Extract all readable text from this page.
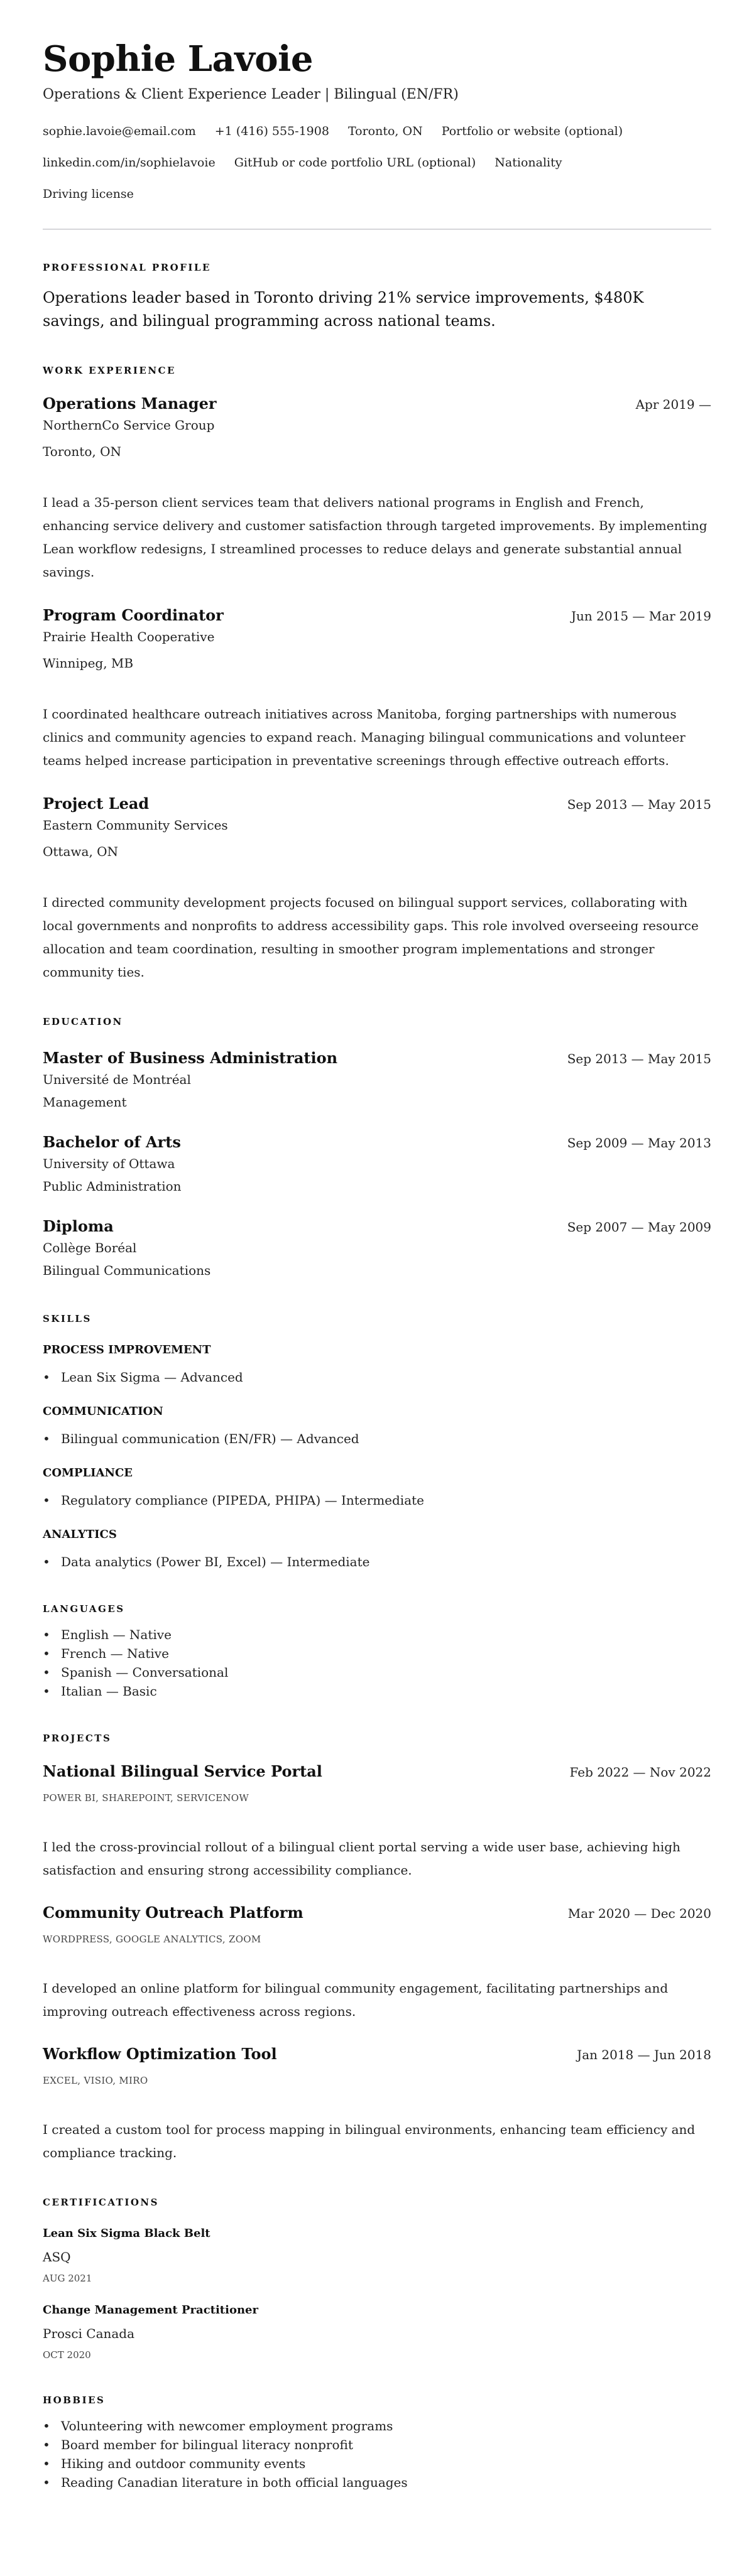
Sophie Lavoie
Operations & Client Experience Leader | Bilingual (EN/FR)
sophie.lavoie@email.com +1 (416) 555-1908 Toronto, ON Portfolio or website (optional)
linkedin.com/in/sophielavoie GitHub or code portfolio URL (optional) Nationality
Driving license
PROFESSIONAL PROFILE

Operations leader based in Toronto driving 21% service improvements, $480K savings, and bilingual programming across national teams.

WORK EXPERIENCE
Operations Manager	Apr 2019 —
NorthernCo Service Group
Toronto, ON

I lead a 35-person client services team that delivers national programs in English and French, enhancing service delivery and customer satisfaction through targeted improvements. By implementing Lean workflow redesigns, I streamlined processes to reduce delays and generate substantial annual savings.

Program Coordinator	Jun 2015 — Mar 2019
Prairie Health Cooperative
Winnipeg, MB

I coordinated healthcare outreach initiatives across Manitoba, forging partnerships with numerous clinics and community agencies to expand reach. Managing bilingual communications and volunteer teams helped increase participation in preventative screenings through effective outreach efforts.

Project Lead	Sep 2013 — May 2015
Eastern Community Services
Ottawa, ON

I directed community development projects focused on bilingual support services, collaborating with local governments and nonprofits to address accessibility gaps. This role involved overseeing resource allocation and team coordination, resulting in smoother program implementations and stronger community ties.

EDUCATION
Master of Business Administration	Sep 2013 — May 2015
Université de Montréal
Management
Bachelor of Arts	Sep 2009 — May 2013
University of Ottawa
Public Administration
Diploma	Sep 2007 — May 2009
Collège Boréal
Bilingual Communications
SKILLS
PROCESS IMPROVEMENT
• Lean Six Sigma — Advanced
COMMUNICATION
• Bilingual communication (EN/FR) — Advanced
COMPLIANCE
• Regulatory compliance (PIPEDA, PHIPA) — Intermediate
ANALYTICS
• Data analytics (Power BI, Excel) — Intermediate
LANGUAGES
• English — Native
• French — Native
• Spanish — Conversational
• Italian — Basic
PROJECTS
National Bilingual Service Portal	Feb 2022 — Nov 2022
POWER BI, SHAREPOINT, SERVICENOW

I led the cross-provincial rollout of a bilingual client portal serving a wide user base, achieving high satisfaction and ensuring strong accessibility compliance.

Community Outreach Platform	Mar 2020 — Dec 2020
WORDPRESS, GOOGLE ANALYTICS, ZOOM

I developed an online platform for bilingual community engagement, facilitating partnerships and improving outreach effectiveness across regions.

Workflow Optimization Tool	Jan 2018 — Jun 2018
EXCEL, VISIO, MIRO

I created a custom tool for process mapping in bilingual environments, enhancing team efficiency and compliance tracking.

CERTIFICATIONS
Lean Six Sigma Black Belt
ASQ
AUG 2021
Change Management Practitioner
Prosci Canada
OCT 2020
HOBBIES
• Volunteering with newcomer employment programs
• Board member for bilingual literacy nonprofit
• Hiking and outdoor community events
• Reading Canadian literature in both official languages
